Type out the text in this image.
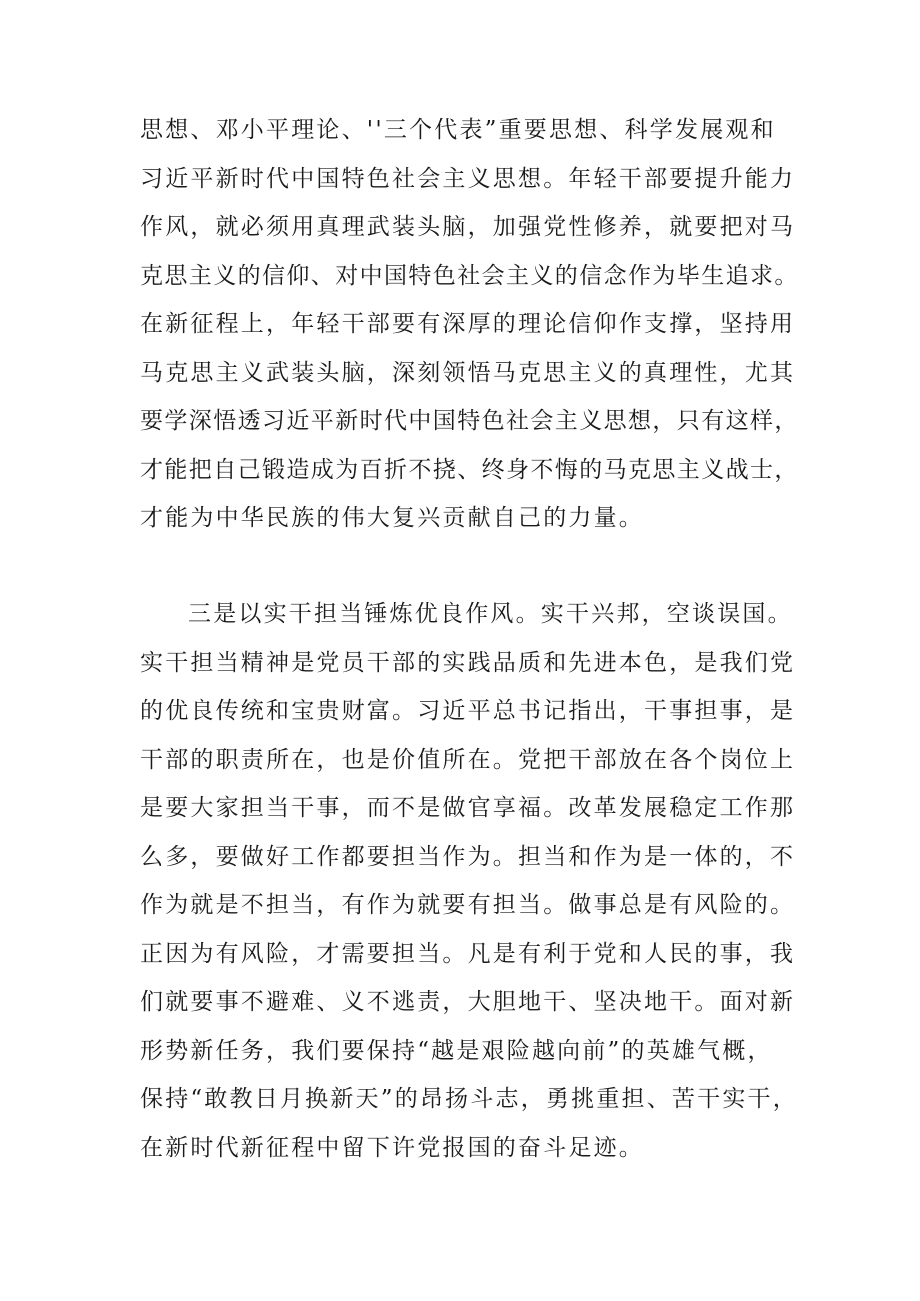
思想、邓小平理论、''三个代表”重要思想、科学发展观和
习近平新时代中国特色社会主义思想。年轻干部要提升能力
作风，就必须用真理武装头脑，加强党性修养，就要把对马
克思主义的信仰、对中国特色社会主义的信念作为毕生追求。
在新征程上，年轻干部要有深厚的理论信仰作支撑，坚持用
马克思主义武装头脑，深刻领悟马克思主义的真理性，尤其
要学深悟透习近平新时代中国特色社会主义思想，只有这样，
才能把自己锻造成为百折不挠、终身不悔的马克思主义战士，
才能为中华民族的伟大复兴贡献自己的力量。
三是以实干担当锤炼优良作风。实干兴邦，空谈误国。
实干担当精神是党员干部的实践品质和先进本色，是我们党
的优良传统和宝贵财富。习近平总书记指出，干事担事，是
干部的职责所在，也是价值所在。党把干部放在各个岗位上
是要大家担当干事，而不是做官享福。改革发展稳定工作那
么多，要做好工作都要担当作为。担当和作为是一体的，不
作为就是不担当，有作为就要有担当。做事总是有风险的。
正因为有风险，才需要担当。凡是有利于党和人民的事，我
们就要事不避难、义不逃责，大胆地干、坚决地干。面对新
形势新任务，我们要保持“越是艰险越向前”的英雄气概，
保持“敢教日月换新天”的昂扬斗志，勇挑重担、苦干实干，
在新时代新征程中留下许党报国的奋斗足迹。
